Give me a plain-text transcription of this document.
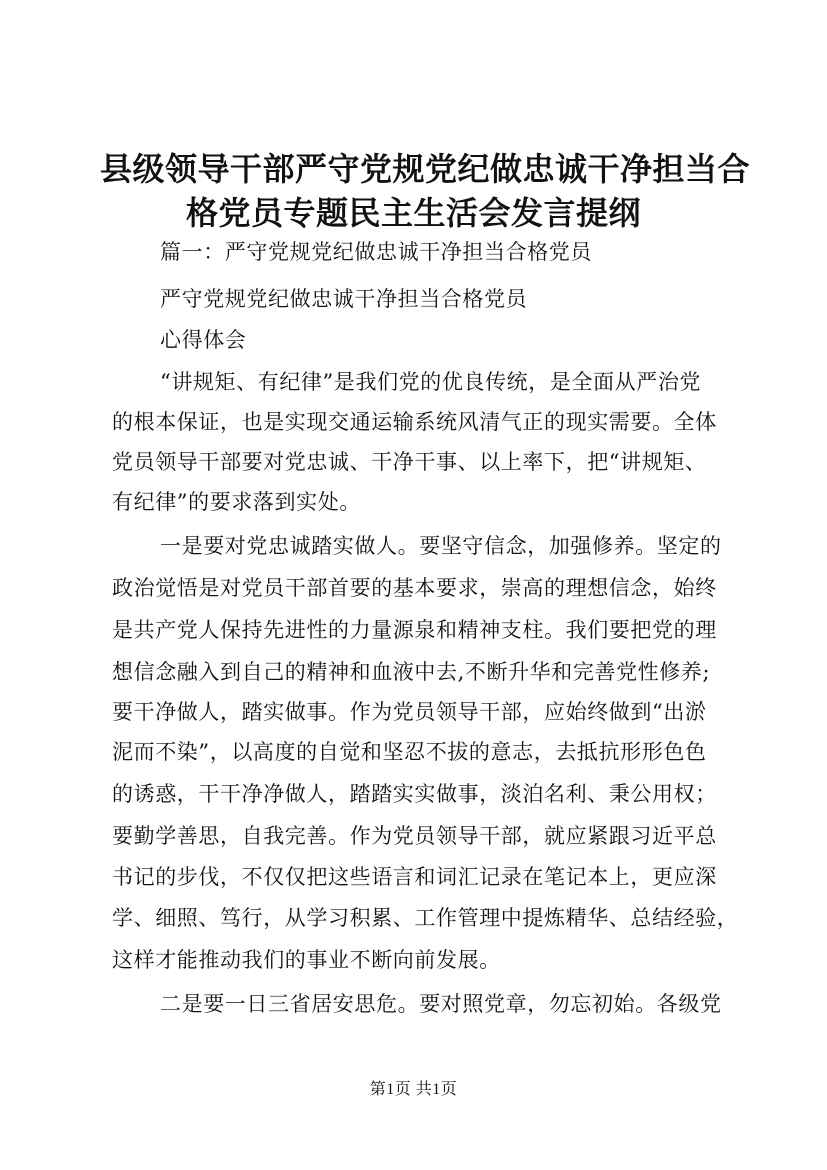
县级领导干部严守党规党纪做忠诚干净担当合
格党员专题民主生活会发言提纲
篇一：严守党规党纪做忠诚干净担当合格党员
严守党规党纪做忠诚干净担当合格党员
心得体会
“讲规矩、有纪律”是我们党的优良传统，是全面从严治党
的根本保证，也是实现交通运输系统风清气正的现实需要。全体
党员领导干部要对党忠诚、干净干事、以上率下，把“讲规矩、
有纪律”的要求落到实处。
一是要对党忠诚踏实做人。要坚守信念，加强修养。坚定的
政治觉悟是对党员干部首要的基本要求，崇高的理想信念，始终
是共产党人保持先进性的力量源泉和精神支柱。我们要把党的理
想信念融入到自己的精神和血液中去,不断升华和完善党性修养;
要干净做人，踏实做事。作为党员领导干部，应始终做到“出淤
泥而不染”，以高度的自觉和坚忍不拔的意志，去抵抗形形色色
的诱惑，干干净净做人，踏踏实实做事，淡泊名利、秉公用权；
要勤学善思，自我完善。作为党员领导干部，就应紧跟习近平总
书记的步伐，不仅仅把这些语言和词汇记录在笔记本上，更应深
学、细照、笃行，从学习积累、工作管理中提炼精华、总结经验，
这样才能推动我们的事业不断向前发展。
二是要一日三省居安思危。要对照党章，勿忘初始。各级党
第1页 共1页
